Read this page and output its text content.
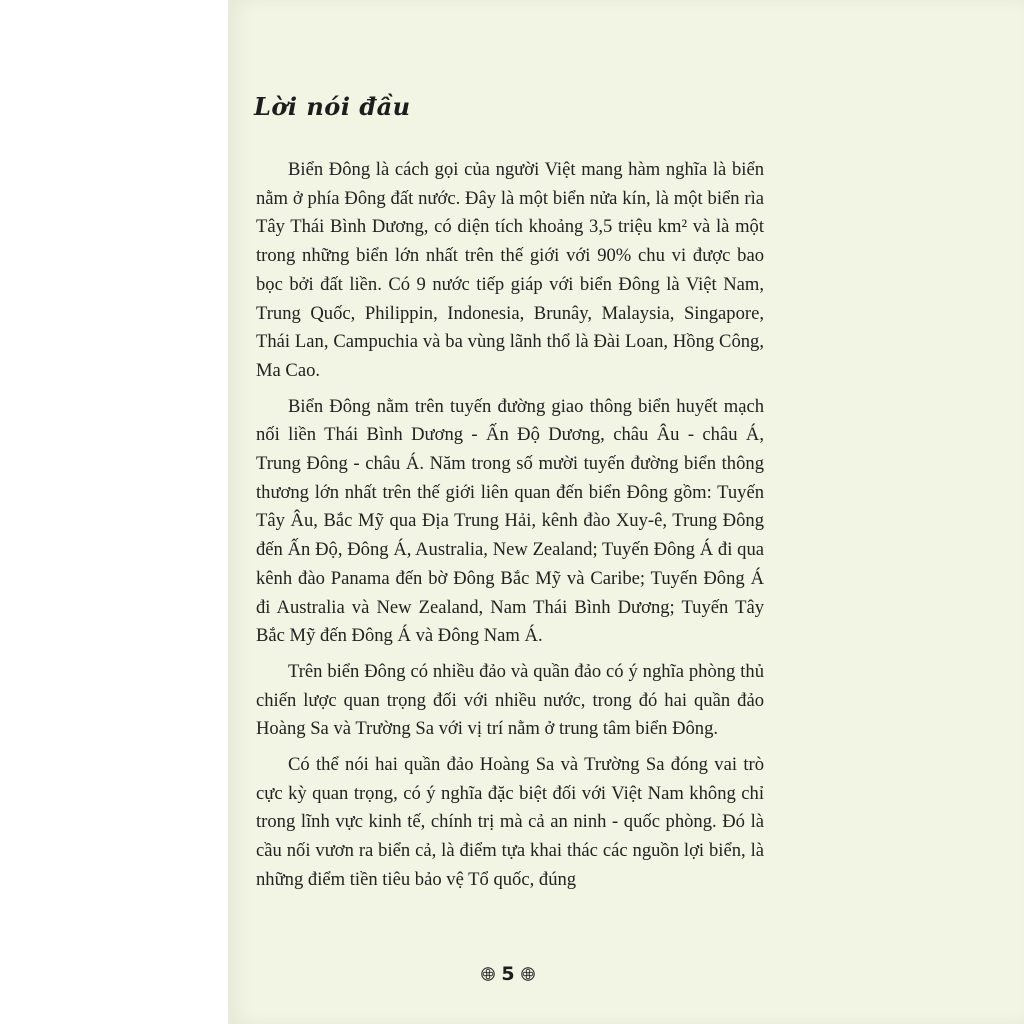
Lời nói đầu

Biển Đông là cách gọi của người Việt mang hàm nghĩa là biển nằm ở phía Đông đất nước. Đây là một biển nửa kín, là một biển rìa Tây Thái Bình Dương, có diện tích khoảng 3,5 triệu km² và là một trong những biển lớn nhất trên thế giới với 90% chu vi được bao bọc bởi đất liền. Có 9 nước tiếp giáp với biển Đông là Việt Nam, Trung Quốc, Philippin, Indonesia, Brunây, Malaysia, Singapore, Thái Lan, Campuchia và ba vùng lãnh thổ là Đài Loan, Hồng Công, Ma Cao.

Biển Đông nằm trên tuyến đường giao thông biển huyết mạch nối liền Thái Bình Dương - Ấn Độ Dương, châu Âu - châu Á, Trung Đông - châu Á. Năm trong số mười tuyến đường biển thông thương lớn nhất trên thế giới liên quan đến biển Đông gồm: Tuyến Tây Âu, Bắc Mỹ qua Địa Trung Hải, kênh đào Xuy-ê, Trung Đông đến Ấn Độ, Đông Á, Australia, New Zealand; Tuyến Đông Á đi qua kênh đào Panama đến bờ Đông Bắc Mỹ và Caribe; Tuyến Đông Á đi Australia và New Zealand, Nam Thái Bình Dương; Tuyến Tây Bắc Mỹ đến Đông Á và Đông Nam Á.

Trên biển Đông có nhiều đảo và quần đảo có ý nghĩa phòng thủ chiến lược quan trọng đối với nhiều nước, trong đó hai quần đảo Hoàng Sa và Trường Sa với vị trí nằm ở trung tâm biển Đông.

Có thể nói hai quần đảo Hoàng Sa và Trường Sa đóng vai trò cực kỳ quan trọng, có ý nghĩa đặc biệt đối với Việt Nam không chỉ trong lĩnh vực kinh tế, chính trị mà cả an ninh - quốc phòng. Đó là cầu nối vươn ra biển cả, là điểm tựa khai thác các nguồn lợi biển, là những điểm tiền tiêu bảo vệ Tổ quốc, đúng

5
